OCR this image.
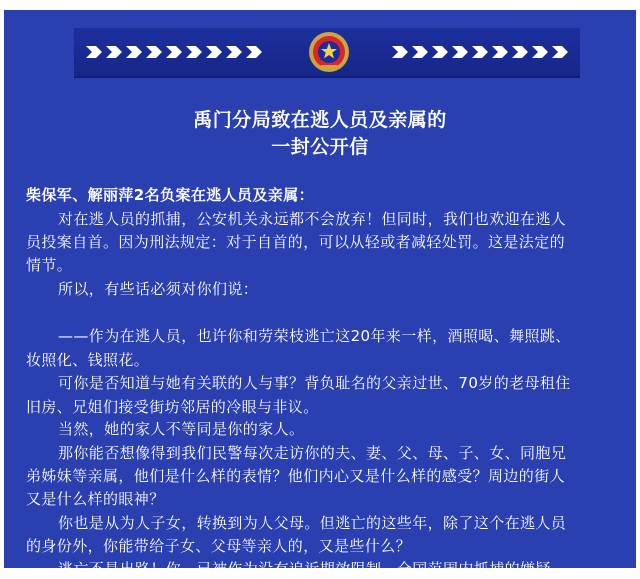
禹门分局致在逃人员及亲属的
一封公开信
柴保军、解丽萍2名负案在逃人员及亲属：
对在逃人员的抓捕，公安机关永远都不会放弃！但同时，我们也欢迎在逃人
员投案自首。因为刑法规定：对于自首的，可以从轻或者减轻处罚。这是法定的
情节。
所以，有些话必须对你们说：
——作为在逃人员，也许你和劳荣枝逃亡这20年来一样，酒照喝、舞照跳、
妆照化、钱照花。
可你是否知道与她有关联的人与事？背负耻名的父亲过世、70岁的老母租住
旧房、兄姐们接受街坊邻居的冷眼与非议。
当然，她的家人不等同是你的家人。
那你能否想像得到我们民警每次走访你的夫、妻、父、母、子、女、同胞兄
弟姊妹等亲属，他们是什么样的表情？他们内心又是什么样的感受？周边的街人
又是什么样的眼神？
你也是从为人子女，转换到为人父母。但逃亡的这些年，除了这个在逃人员
的身份外，你能带给子女、父母等亲人的，又是些什么？
逃亡不是出路！你，已被作为没有追诉期效限制、全国范围内抓捕的嫌疑
